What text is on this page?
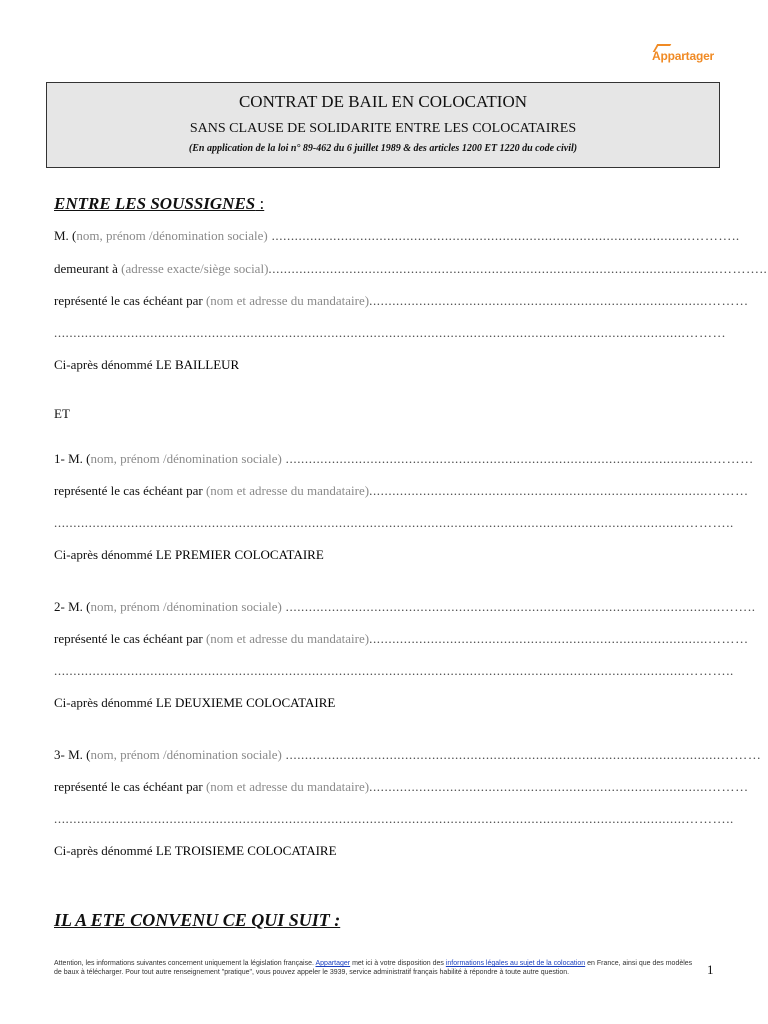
Appartager
CONTRAT DE BAIL EN COLOCATION
SANS CLAUSE DE SOLIDARITE ENTRE LES COLOCATAIRES
(En application de la loi n° 89-462 du 6 juillet 1989 & des articles 1200 ET 1220 du code civil)
ENTRE LES SOUSSIGNES :
M. (nom, prénom /dénomination sociale) .............................................................................................................………..
demeurant à (adresse exacte/siège social).....................................................................................................................………..
représenté le cas échéant par (nom et adresse du mandataire)........................................................................................………
....................................................................................................................................................................………
Ci-après dénommé LE BAILLEUR
ET
1- M. (nom, prénom /dénomination sociale) ...............................................................................................................………
représenté le cas échéant par (nom et adresse du mandataire)........................................................................................………
....................................................................................................................................................................………..
Ci-après dénommé LE PREMIER COLOCATAIRE
2- M. (nom, prénom /dénomination sociale) .................................................................................................................……..
représenté le cas échéant par (nom et adresse du mandataire)........................................................................................………
....................................................................................................................................................................………..
Ci-après dénommé LE DEUXIEME COLOCATAIRE
3- M. (nom, prénom /dénomination sociale) .................................................................................................................………
représenté le cas échéant par (nom et adresse du mandataire)........................................................................................………
....................................................................................................................................................................………..
Ci-après dénommé LE TROISIEME COLOCATAIRE
IL A ETE CONVENU CE QUI SUIT :
Attention, les informations suivantes concernent uniquement la législation française. Appartager met ici à votre disposition des informations légales au sujet de la colocation en France, ainsi que des modèles de baux à télécharger. Pour tout autre renseignement "pratique", vous pouvez appeler le 3939, service administratif français habilité à répondre à toute autre question.	1
